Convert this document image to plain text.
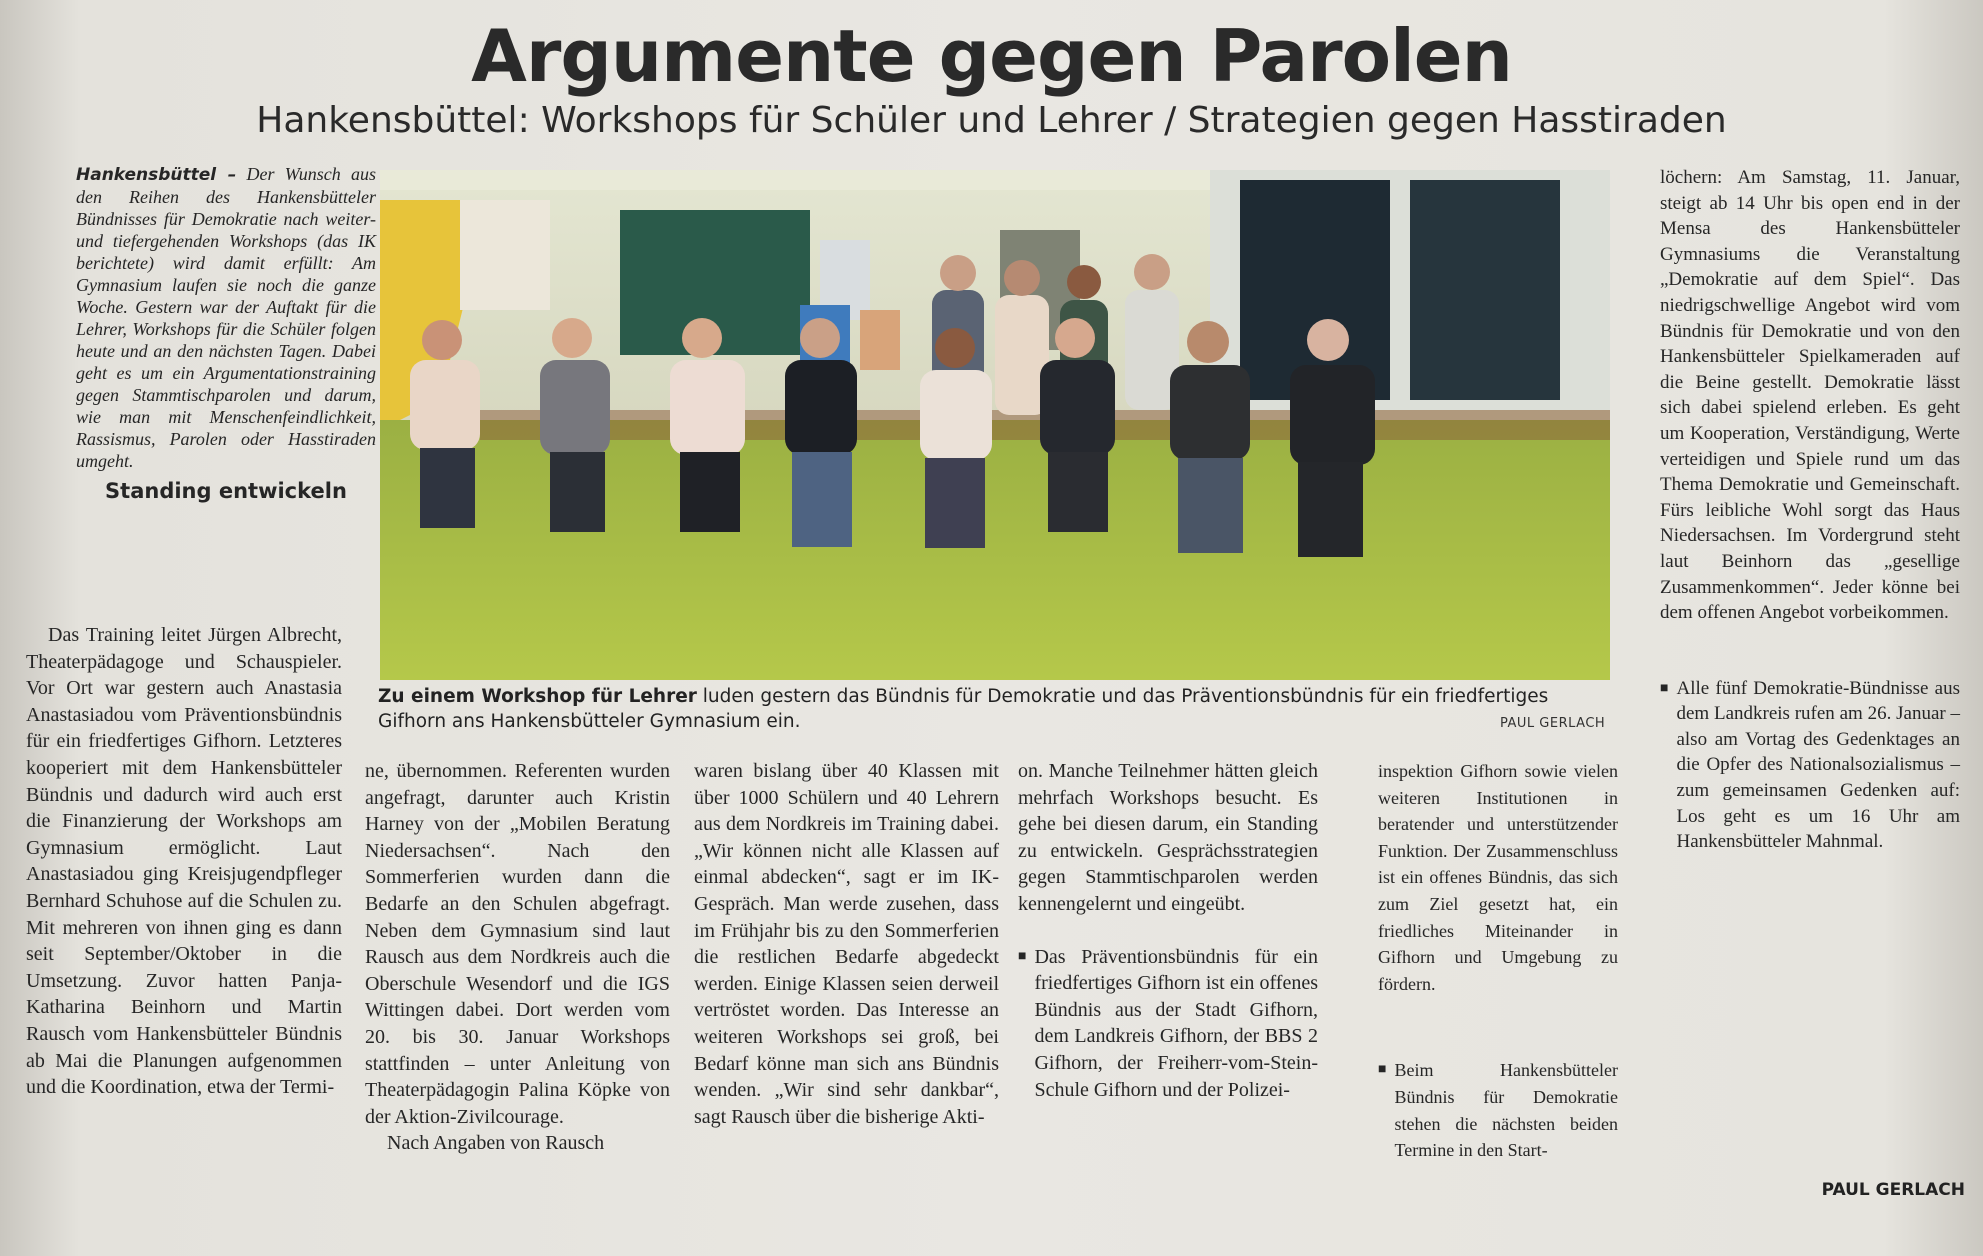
Argumente gegen Parolen
Hankensbüttel: Workshops für Schüler und Lehrer / Strategien gegen Hasstiraden

Hankensbüttel – Der Wunsch aus den Reihen des Hankensbütteler Bündnisses für Demokratie nach weiter- und tiefergehenden Workshops (das IK berichtete) wird damit erfüllt: Am Gymnasium laufen sie noch die ganze Woche. Gestern war der Auftakt für die Lehrer, Workshops für die Schüler folgen heute und an den nächsten Tagen. Dabei geht es um ein Argumentationstraining gegen Stammtischparolen und darum, wie man mit Menschenfeindlichkeit, Rassismus, Parolen oder Hasstiraden umgeht.

Standing entwickeln

Das Training leitet Jürgen Albrecht, Theaterpädagoge und Schauspieler. Vor Ort war gestern auch Anastasia Anastasiadou vom Präventionsbündnis für ein friedfertiges Gifhorn. Letzteres kooperiert mit dem Hankensbütteler Bündnis und dadurch wird auch erst die Finanzierung der Workshops am Gymnasium ermöglicht. Laut Anastasiadou ging Kreisjugendpfleger Bernhard Schuhose auf die Schulen zu. Mit mehreren von ihnen ging es dann seit September/Oktober in die Umsetzung. Zuvor hatten Panja-Katharina Beinhorn und Martin Rausch vom Hankensbütteler Bündnis ab Mai die Planungen aufgenommen und die Koordination, etwa der Termi-

Zu einem Workshop für Lehrer luden gestern das Bündnis für Demokratie und das Präventionsbündnis für ein friedfertiges Gifhorn ans Hankensbütteler Gymnasium ein.	PAUL GERLACH

ne, übernommen. Referenten wurden angefragt, darunter auch Kristin Harney von der „Mobilen Beratung Niedersachsen“. Nach den Sommerferien wurden dann die Bedarfe an den Schulen abgefragt. Neben dem Gymnasium sind laut Rausch aus dem Nordkreis auch die Oberschule Wesendorf und die IGS Wittingen dabei. Dort werden vom 20. bis 30. Januar Workshops stattfinden – unter Anleitung von Theaterpädagogin Palina Köpke von der Aktion-Zivilcourage.

Nach Angaben von Rausch

waren bislang über 40 Klassen mit über 1000 Schülern und 40 Lehrern aus dem Nordkreis im Training dabei. „Wir können nicht alle Klassen auf einmal abdecken“, sagt er im IK-Gespräch. Man werde zusehen, dass im Frühjahr bis zu den Sommerferien die restlichen Bedarfe abgedeckt werden. Einige Klassen seien derweil vertröstet worden. Das Interesse an weiteren Workshops sei groß, bei Bedarf könne man sich ans Bündnis wenden. „Wir sind sehr dankbar“, sagt Rausch über die bisherige Akti-

on. Manche Teilnehmer hätten gleich mehrfach Workshops besucht. Es gehe bei diesen darum, ein Standing zu entwickeln. Gesprächsstrategien gegen Stammtischparolen werden kennengelernt und eingeübt.

■ Das Präventionsbündnis für ein friedfertiges Gifhorn ist ein offenes Bündnis aus der Stadt Gifhorn, dem Landkreis Gifhorn, der BBS 2 Gifhorn, der Freiherr-vom-Stein-Schule Gifhorn und der Polizei-

inspektion Gifhorn sowie vielen weiteren Institutionen in beratender und unterstützender Funktion. Der Zusammenschluss ist ein offenes Bündnis, das sich zum Ziel gesetzt hat, ein friedliches Miteinander in Gifhorn und Umgebung zu fördern.

■ Beim Hankensbütteler Bündnis für Demokratie stehen die nächsten beiden Termine in den Start-

löchern: Am Samstag, 11. Januar, steigt ab 14 Uhr bis open end in der Mensa des Hankensbütteler Gymnasiums die Veranstaltung „Demokratie auf dem Spiel“. Das niedrigschwellige Angebot wird vom Bündnis für Demokratie und von den Hankensbütteler Spielkameraden auf die Beine gestellt. Demokratie lässt sich dabei spielend erleben. Es geht um Kooperation, Verständigung, Werte verteidigen und Spiele rund um das Thema Demokratie und Gemeinschaft. Fürs leibliche Wohl sorgt das Haus Niedersachsen. Im Vordergrund steht laut Beinhorn das „gesellige Zusammenkommen“. Jeder könne bei dem offenen Angebot vorbeikommen.

■ Alle fünf Demokratie-Bündnisse aus dem Landkreis rufen am 26. Januar – also am Vortag des Gedenktages an die Opfer des Nationalsozialismus – zum gemeinsamen Gedenken auf: Los geht es um 16 Uhr am Hankensbütteler Mahnmal.
PAUL GERLACH
